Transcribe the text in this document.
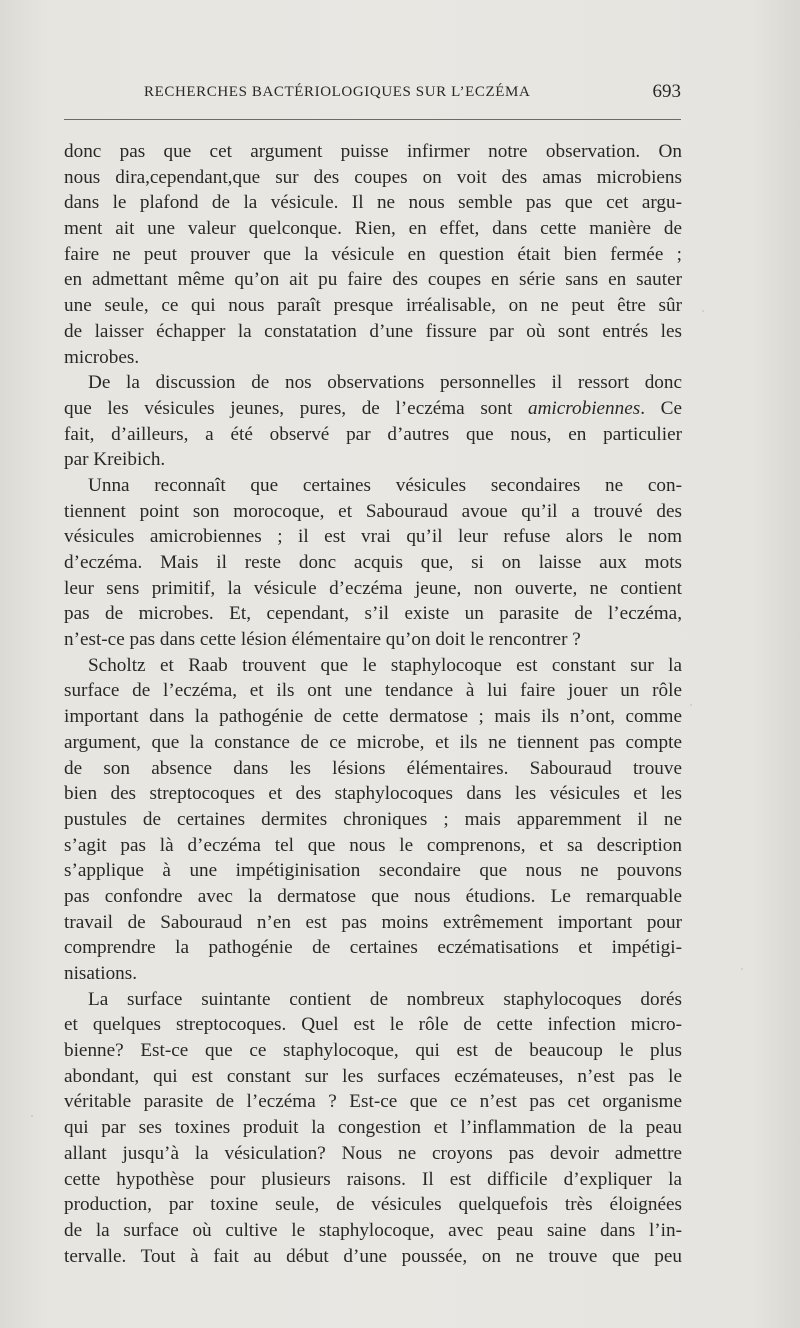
RECHERCHES BACTÉRIOLOGIQUES SUR L’ECZÉMA	693
donc pas que cet argument puisse infirmer notre observation. On
nous dira,cependant,que sur des coupes on voit des amas microbiens
dans le plafond de la vésicule. Il ne nous semble pas que cet argu-
ment ait une valeur quelconque. Rien, en effet, dans cette manière de
faire ne peut prouver que la vésicule en question était bien fermée ;
en admettant même qu’on ait pu faire des coupes en série sans en sauter
une seule, ce qui nous paraît presque irréalisable, on ne peut être sûr
de laisser échapper la constatation d’une fissure par où sont entrés les
microbes.
De la discussion de nos observations personnelles il ressort donc
que les vésicules jeunes, pures, de l’eczéma sont amicrobiennes. Ce
fait, d’ailleurs, a été observé par d’autres que nous, en particulier
par Kreibich.
Unna reconnaît que certaines vésicules secondaires ne con-
tiennent point son morocoque, et Sabouraud avoue qu’il a trouvé des
vésicules amicrobiennes ; il est vrai qu’il leur refuse alors le nom
d’eczéma. Mais il reste donc acquis que, si on laisse aux mots
leur sens primitif, la vésicule d’eczéma jeune, non ouverte, ne contient
pas de microbes. Et, cependant, s’il existe un parasite de l’eczéma,
n’est-ce pas dans cette lésion élémentaire qu’on doit le rencontrer ?
Scholtz et Raab trouvent que le staphylocoque est constant sur la
surface de l’eczéma, et ils ont une tendance à lui faire jouer un rôle
important dans la pathogénie de cette dermatose ; mais ils n’ont, comme
argument, que la constance de ce microbe, et ils ne tiennent pas compte
de son absence dans les lésions élémentaires. Sabouraud trouve
bien des streptocoques et des staphylocoques dans les vésicules et les
pustules de certaines dermites chroniques ; mais apparemment il ne
s’agit pas là d’eczéma tel que nous le comprenons, et sa description
s’applique à une impétiginisation secondaire que nous ne pouvons
pas confondre avec la dermatose que nous étudions. Le remarquable
travail de Sabouraud n’en est pas moins extrêmement important pour
comprendre la pathogénie de certaines eczématisations et impétigi-
nisations.
La surface suintante contient de nombreux staphylocoques dorés
et quelques streptocoques. Quel est le rôle de cette infection micro-
bienne? Est-ce que ce staphylocoque, qui est de beaucoup le plus
abondant, qui est constant sur les surfaces eczémateuses, n’est pas le
véritable parasite de l’eczéma ? Est-ce que ce n’est pas cet organisme
qui par ses toxines produit la congestion et l’inflammation de la peau
allant jusqu’à la vésiculation? Nous ne croyons pas devoir admettre
cette hypothèse pour plusieurs raisons. Il est difficile d’expliquer la
production, par toxine seule, de vésicules quelquefois très éloignées
de la surface où cultive le staphylocoque, avec peau saine dans l’in-
tervalle. Tout à fait au début d’une poussée, on ne trouve que peu
